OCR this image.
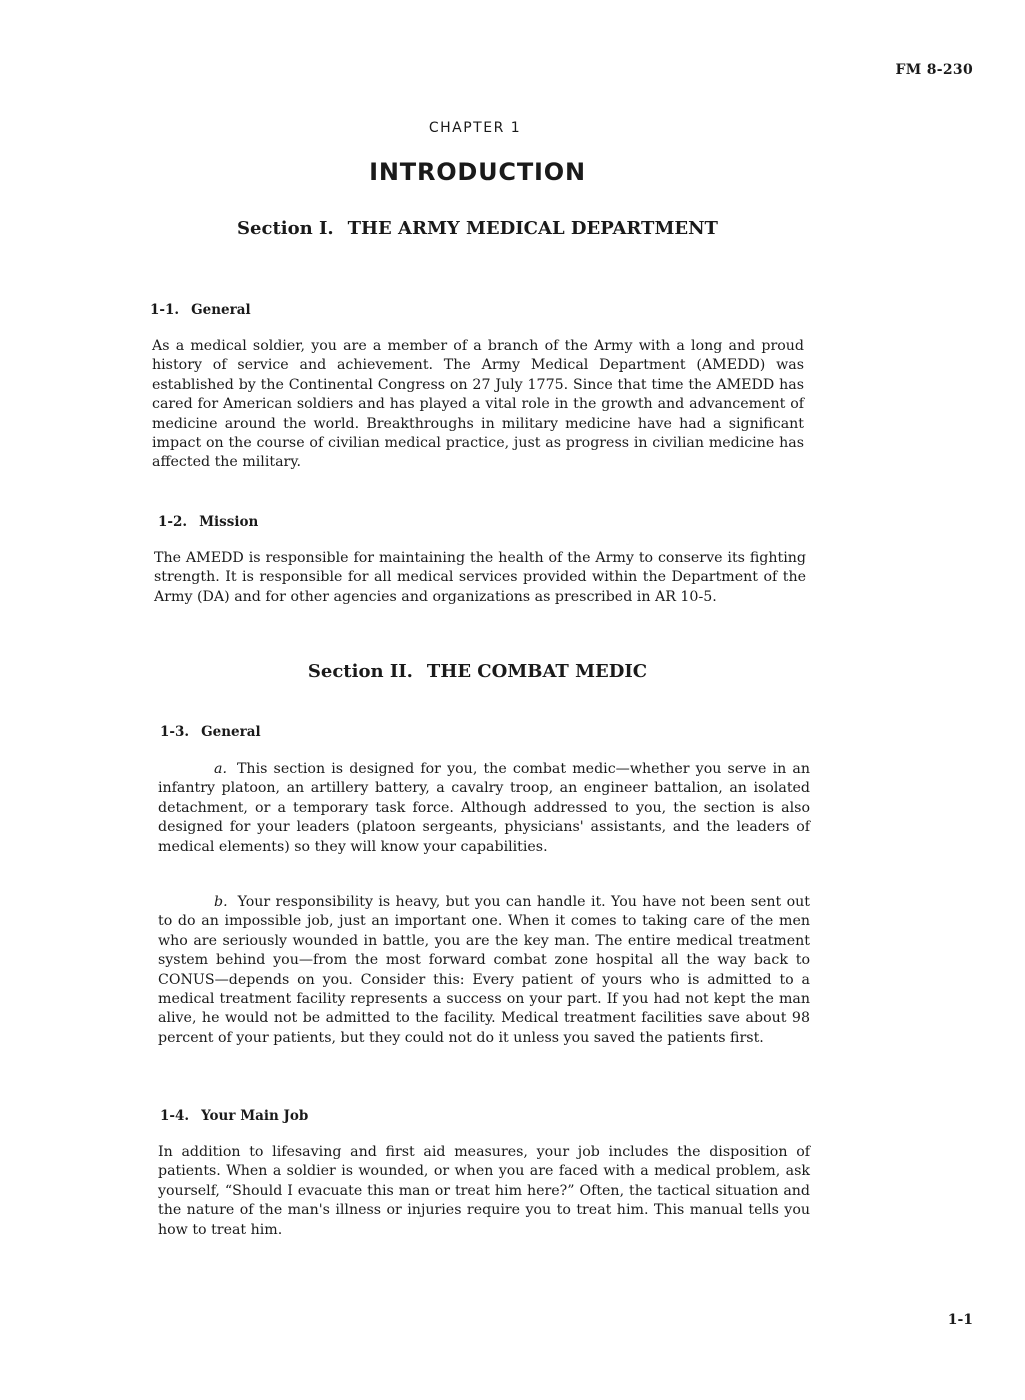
FM 8-230
CHAPTER 1
INTRODUCTION
Section I. THE ARMY MEDICAL DEPARTMENT
1-1. General

As a medical soldier, you are a member of a branch of the Army with a long and proud history of service and achievement. The Army Medical Department (AMEDD) was established by the Continental Congress on 27 July 1775. Since that time the AMEDD has cared for American soldiers and has played a vital role in the growth and advancement of medicine around the world. Breakthroughs in military medicine have had a significant impact on the course of civilian medical practice, just as progress in civilian medicine has affected the military.

1-2. Mission

The AMEDD is responsible for maintaining the health of the Army to conserve its fighting strength. It is responsible for all medical services provided within the Department of the Army (DA) and for other agencies and organizations as prescribed in AR 10-5.

Section II. THE COMBAT MEDIC
1-3. General

a. This section is designed for you, the combat medic—whether you serve in an infantry platoon, an artillery battery, a cavalry troop, an engineer battalion, an isolated detachment, or a temporary task force. Although addressed to you, the section is also designed for your leaders (platoon sergeants, physicians' assistants, and the leaders of medical elements) so they will know your capabilities.

b. Your responsibility is heavy, but you can handle it. You have not been sent out to do an impossible job, just an important one. When it comes to taking care of the men who are seriously wounded in battle, you are the key man. The entire medical treatment system behind you—from the most forward combat zone hospital all the way back to CONUS—depends on you. Consider this: Every patient of yours who is admitted to a medical treatment facility represents a success on your part. If you had not kept the man alive, he would not be admitted to the facility. Medical treatment facilities save about 98 percent of your patients, but they could not do it unless you saved the patients first.

1-4. Your Main Job

In addition to lifesaving and first aid measures, your job includes the disposition of patients. When a soldier is wounded, or when you are faced with a medical problem, ask yourself, “Should I evacuate this man or treat him here?” Often, the tactical situation and the nature of the man's illness or injuries require you to treat him. This manual tells you how to treat him.

1-1
